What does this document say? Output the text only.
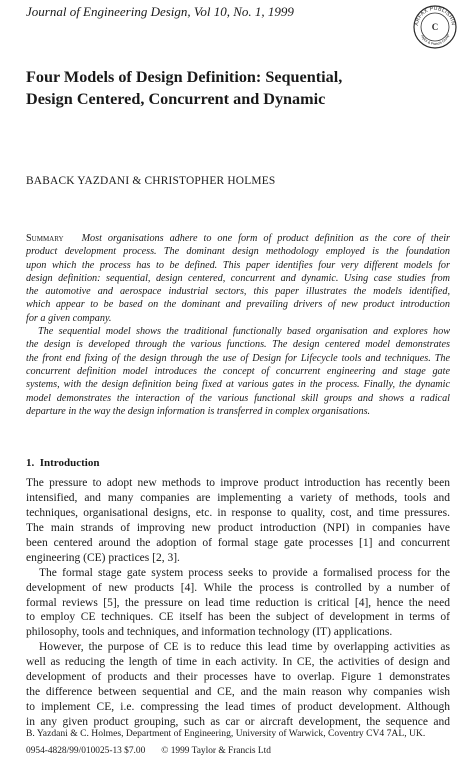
Journal of Engineering Design, Vol 10, No. 1, 1999
ARFAX PUBLISHIN
Taylor & Francis Group
C
Four Models of Design Definition: Sequential,
Design Centered, Concurrent and Dynamic
BABACK YAZDANI & CHRISTOPHER HOLMES
Summary Most organisations adhere to one form of product definition as the core of their
product development process. The dominant design methodology employed is the foundation
upon which the process has to be defined. This paper identifies four very different models for
design definition: sequential, design centered, concurrent and dynamic. Using case studies from
the automotive and aerospace industrial sectors, this paper illustrates the models identified,
which appear to be based on the dominant and prevailing drivers of new product introduction
for a given company.
The sequential model shows the traditional functionally based organisation and explores how
the design is developed through the various functions. The design centered model demonstrates
the front end fixing of the design through the use of Design for Lifecycle tools and techniques. The
concurrent definition model introduces the concept of concurrent engineering and stage gate
systems, with the design definition being fixed at various gates in the process. Finally, the dynamic
model demonstrates the interaction of the various functional skill groups and shows a radical
departure in the way the design information is transferred in complex organisations.
1. Introduction
The pressure to adopt new methods to improve product introduction has recently been
intensified, and many companies are implementing a variety of methods, tools and
techniques, organisational designs, etc. in response to quality, cost, and time pressures.
The main strands of improving new product introduction (NPI) in companies have
been centered around the adoption of formal stage gate processes [1] and concurrent
engineering (CE) practices [2, 3].
The formal stage gate system process seeks to provide a formalised process for the
development of new products [4]. While the process is controlled by a number of
formal reviews [5], the pressure on lead time reduction is critical [4], hence the need
to employ CE techniques. CE itself has been the subject of development in terms of
philosophy, tools and techniques, and information technology (IT) applications.
However, the purpose of CE is to reduce this lead time by overlapping activities as
well as reducing the length of time in each activity. In CE, the activities of design and
development of products and their processes have to overlap. Figure 1 demonstrates
the difference between sequential and CE, and the main reason why companies wish
to implement CE, i.e. compressing the lead times of product development. Although
in any given product grouping, such as car or aircraft development, the sequence and
B. Yazdani & C. Holmes, Department of Engineering, University of Warwick, Coventry CV4 7AL, UK.
0954-4828/99/010025-13 $7.00 © 1999 Taylor & Francis Ltd
